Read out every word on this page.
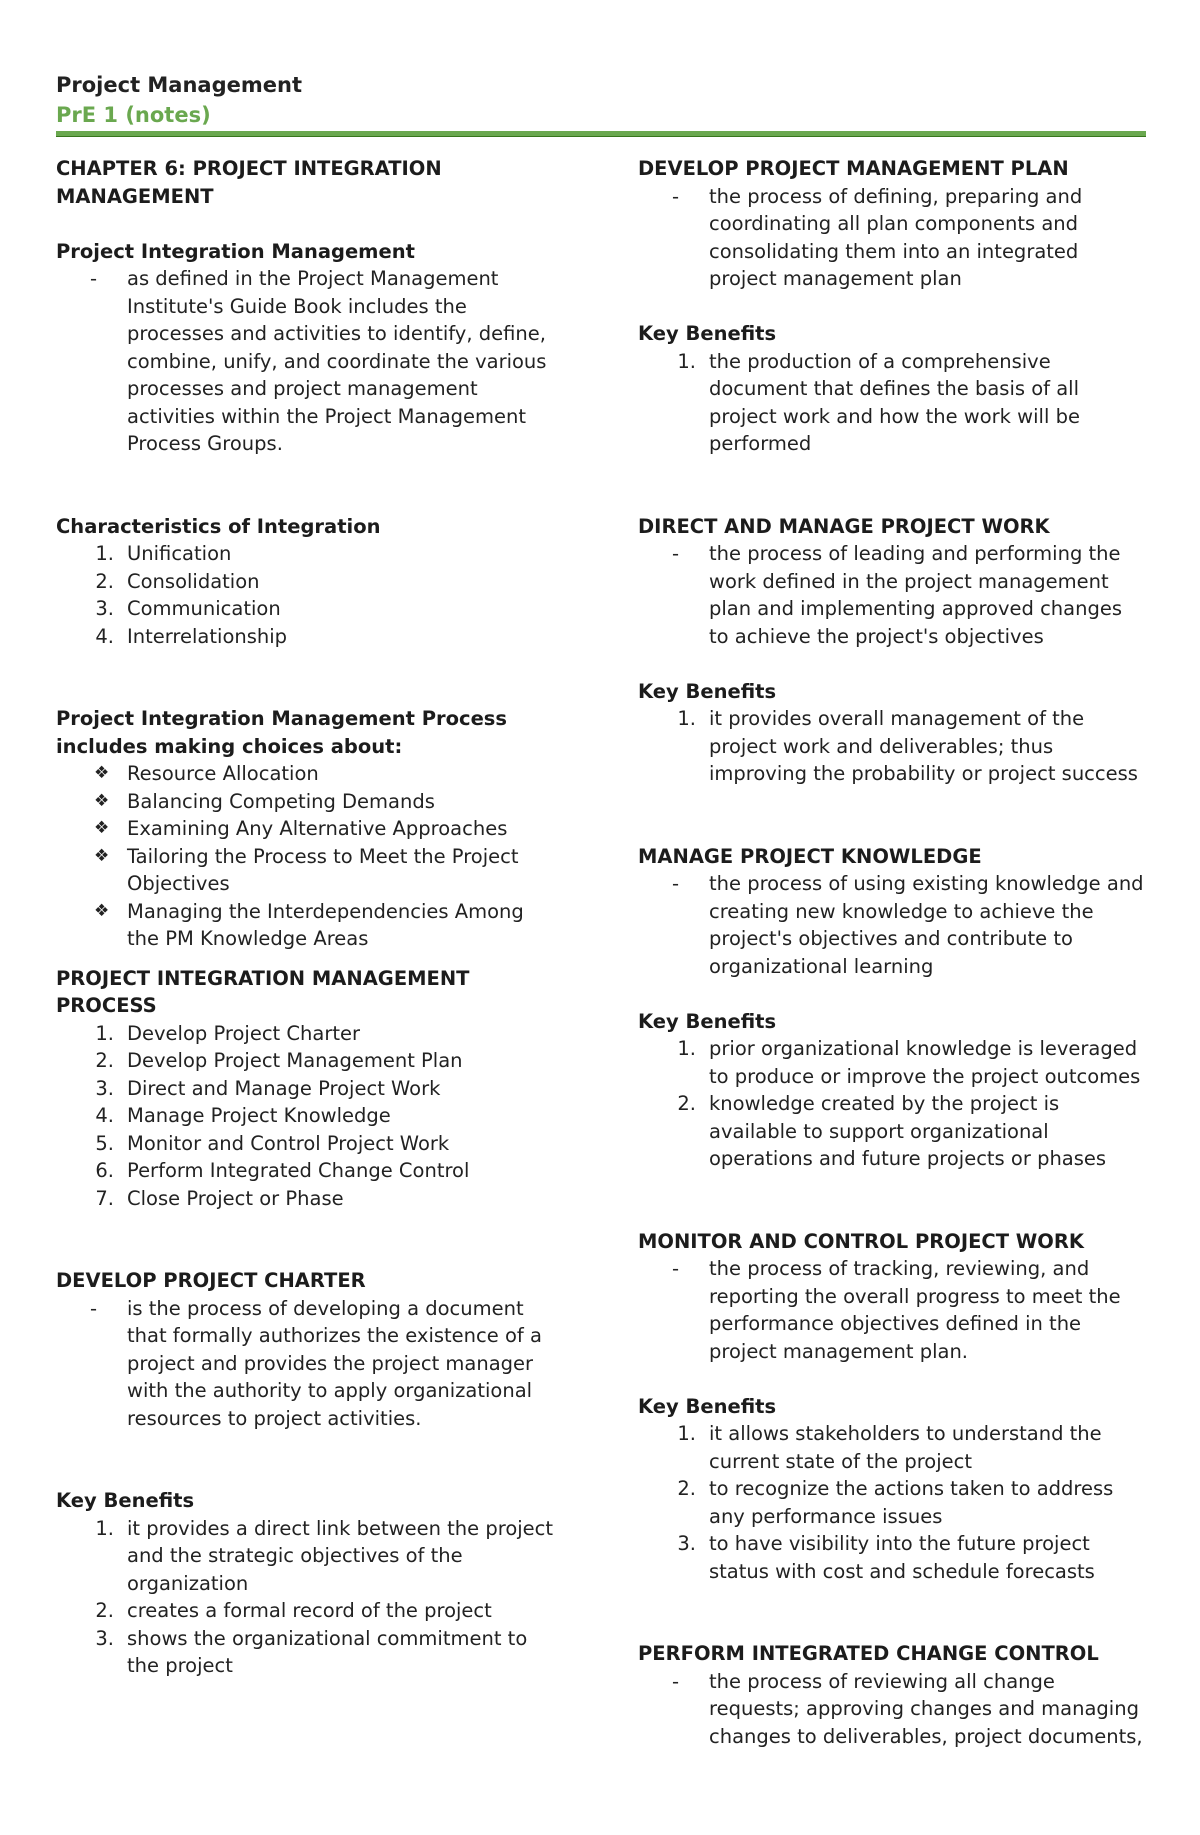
Project Management
PrE 1 (notes)
CHAPTER 6: PROJECT INTEGRATION
MANAGEMENT
Project Integration Management
-	as defined in the Project Management
Institute's Guide Book includes the
processes and activities to identify, define,
combine, unify, and coordinate the various
processes and project management
activities within the Project Management
Process Groups.
Characteristics of Integration
1. Unification
2. Consolidation
3. Communication
4. Interrelationship
Project Integration Management Process
includes making choices about:
❖ Resource Allocation
❖ Balancing Competing Demands
❖ Examining Any Alternative Approaches
❖ Tailoring the Process to Meet the Project
Objectives
❖ Managing the Interdependencies Among
the PM Knowledge Areas
PROJECT INTEGRATION MANAGEMENT PROCESS
1. Develop Project Charter
2. Develop Project Management Plan
3. Direct and Manage Project Work
4. Manage Project Knowledge
5. Monitor and Control Project Work
6. Perform Integrated Change Control
7. Close Project or Phase
DEVELOP PROJECT CHARTER
-	is the process of developing a document
that formally authorizes the existence of a
project and provides the project manager
with the authority to apply organizational
resources to project activities.
Key Benefits
1. it provides a direct link between the project
and the strategic objectives of the
organization
2. creates a formal record of the project
3. shows the organizational commitment to
the project
DEVELOP PROJECT MANAGEMENT PLAN
-	the process of defining, preparing and
coordinating all plan components and
consolidating them into an integrated
project management plan
Key Benefits
1. the production of a comprehensive
document that defines the basis of all
project work and how the work will be
performed
DIRECT AND MANAGE PROJECT WORK
-	the process of leading and performing the
work defined in the project management
plan and implementing approved changes
to achieve the project's objectives
Key Benefits
1. it provides overall management of the
project work and deliverables; thus
improving the probability or project success
MANAGE PROJECT KNOWLEDGE
-	the process of using existing knowledge and
creating new knowledge to achieve the
project's objectives and contribute to
organizational learning
Key Benefits
1. prior organizational knowledge is leveraged
to produce or improve the project outcomes
2. knowledge created by the project is
available to support organizational
operations and future projects or phases
MONITOR AND CONTROL PROJECT WORK
-	the process of tracking, reviewing, and
reporting the overall progress to meet the
performance objectives defined in the
project management plan.
Key Benefits
1. it allows stakeholders to understand the
current state of the project
2. to recognize the actions taken to address
any performance issues
3. to have visibility into the future project
status with cost and schedule forecasts
PERFORM INTEGRATED CHANGE CONTROL
-	the process of reviewing all change
requests; approving changes and managing
changes to deliverables, project documents,
